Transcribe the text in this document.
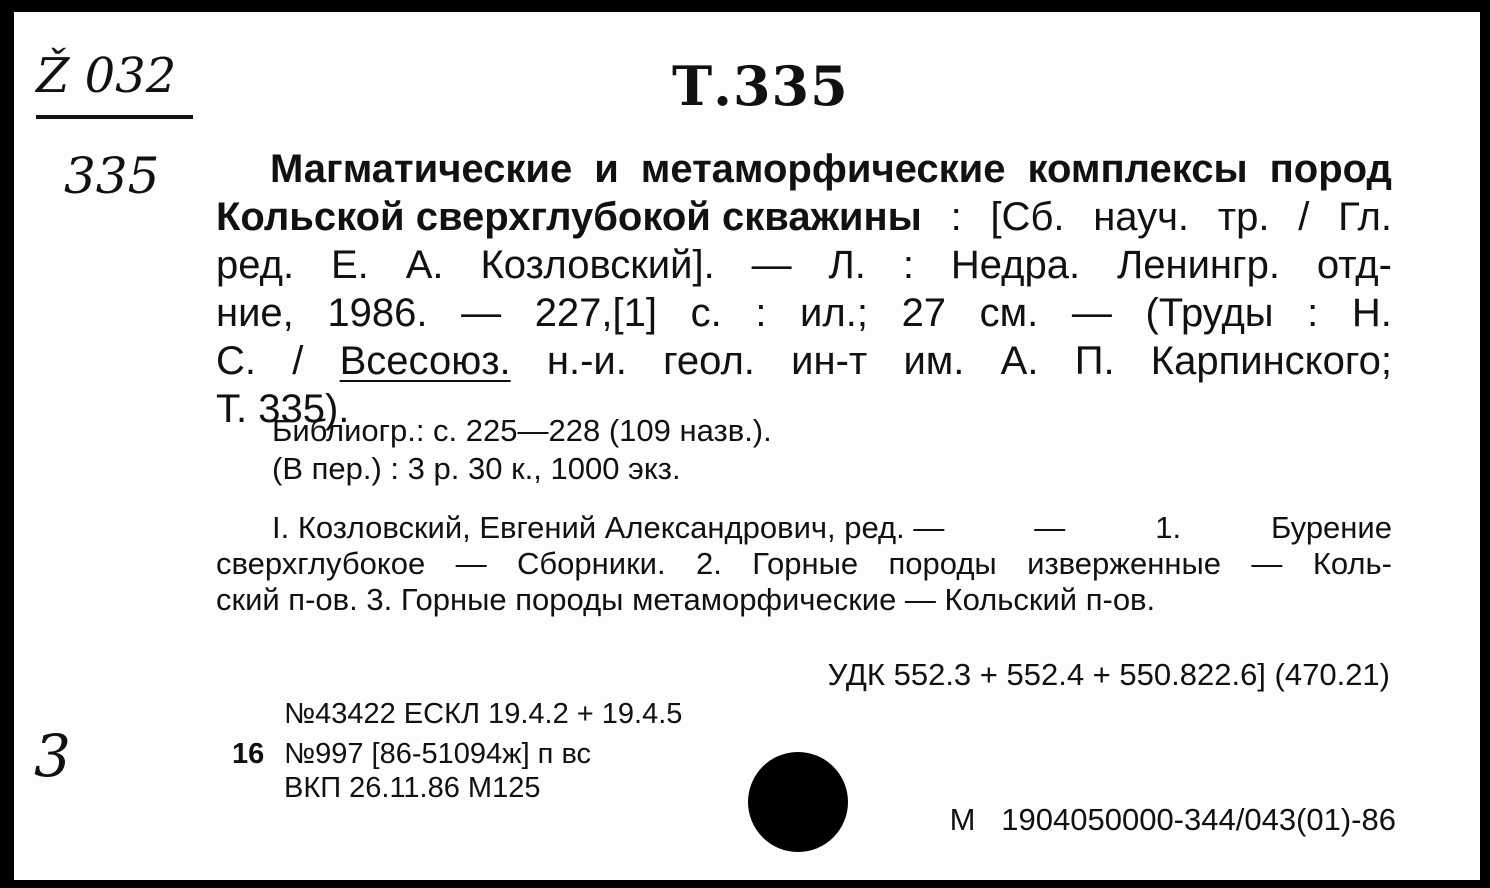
Ž 032
335
3
Т.335
Магматические и метаморфические комплексы пород
Кольской сверхглубокой скважины : [Сб. науч. тр. / Гл.
ред. Е. А. Козловский]. — Л. : Недра. Ленингр. отд-
ние, 1986. — 227,[1] с. : ил.; 27 см. — (Труды : Н.
С. / Всесоюз. н.-и. геол. ин-т им. А. П. Карпинского;
Т. 335).
Библиогр.: с. 225—228 (109 назв.).
(В пер.) : 3 р. 30 к., 1000 экз.
I. Козловский, Евгений Александрович, ред. —	—	1.	Бурение
сверхглубокое — Сборники. 2. Горные породы изверженные — Коль-
ский п-ов. 3. Горные породы метаморфические — Кольский п-ов.
УДК 552.3 + 552.4 + 550.822.6] (470.21)
№43422 ЕСКЛ 19.4.2 + 19.4.5
16 №997 [86-51094ж] п вс
ВКП 26.11.86 М125
М   1904050000-344/043(01)-86
